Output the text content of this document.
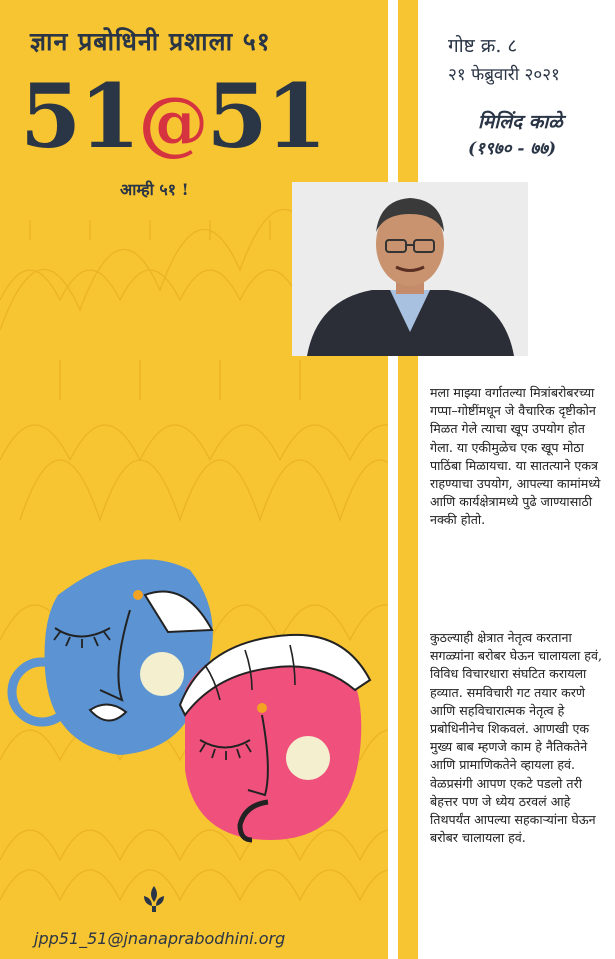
ज्ञान प्रबोधिनी प्रशाला ५१
51@51
आम्ही ५१ !
गोष्ट क्र. ८
२१ फेब्रुवारी २०२१
मिलिंद काळे
(१९७० - ७७)
मला माझ्या वर्गातल्या मित्रांबरोबरच्या गप्पा–गोष्टींमधून जे वैचारिक दृष्टीकोन मिळत गेले त्याचा खूप उपयोग होत गेला. या एकीमुळेच एक खूप मोठा पाठिंबा मिळायचा. या सातत्याने एकत्र राहण्याचा उपयोग, आपल्या कामांमध्ये आणि कार्यक्षेत्रामध्ये पुढे जाण्यासाठी नक्की होतो.
कुठल्याही क्षेत्रात नेतृत्व करताना सगळ्यांना बरोबर घेऊन चालायला हवं, विविध विचारधारा संघटित करायला हव्यात. समविचारी गट तयार करणे आणि सहविचारात्मक नेतृत्व हे प्रबोधिनीनेच शिकवलं. आणखी एक मुख्य बाब म्हणजे काम हे नैतिकतेने आणि प्रामाणिकतेने व्हायला हवं. वेळप्रसंगी आपण एकटे पडलो तरी बेहत्तर पण जे ध्येय ठरवलं आहे तिथपर्यंत आपल्या सहकाऱ्यांना घेऊन बरोबर चालायला हवं.
jpp51_51@jnanaprabodhini.org
